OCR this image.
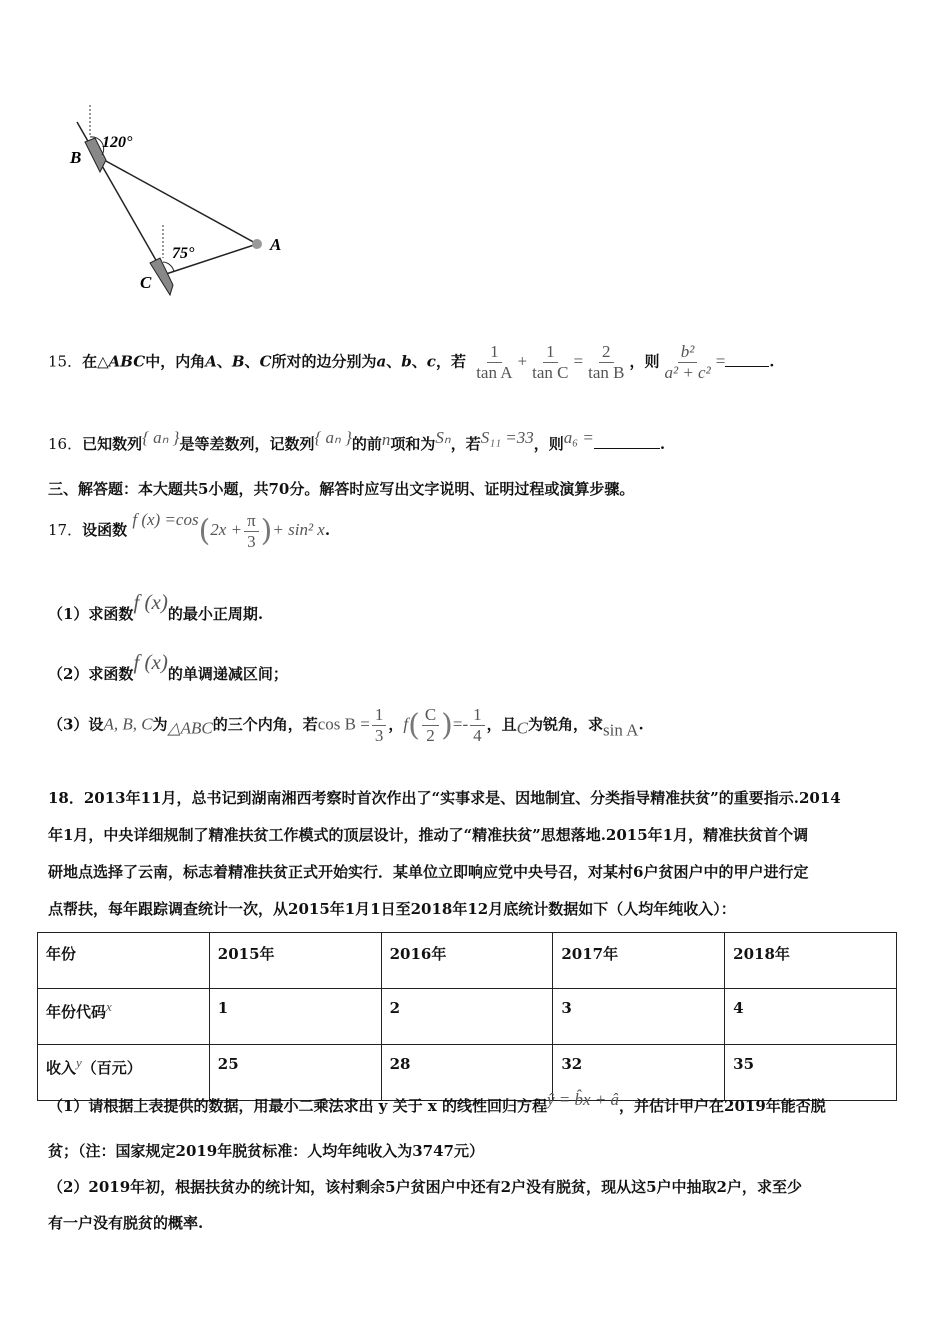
B
120°
C
75°	A
15．在△ABC中，内角A、B、C所对的边分别为a、b、c，若 $\frac{1}{\text{tan A}} + \frac{1}{\text{tan C}} = \frac{2}{\text{tan B}}$ ，则 $\frac{\text{b²}}{\text{a² + c²}}$ =	.
16．已知数列{ aₙ }是等差数列，记数列{ aₙ }的前n项和为Sₙ，若S₁₁ =33，则a₆ =	.
三、解答题：本大题共5小题，共70分。解答时应写出文字说明、证明过程或演算步骤。
17．设函数 f $(x) =\cos(2x + \frac{\pi}{3}$ )+ sin² x.
（1）求函数f (x)的最小正周期.
（2）求函数f (x)的单调递减区间；
（3）设A, B, C为△ABC的三个内角，若$\cos B = \frac{1}{3}$ ，$f( \frac{C}{2}$ )=- $\frac{1}{4}$ ，且C为锐角，求sin A.
18．2013年11月，总书记到湖南湘西考察时首次作出了“实事求是、因地制宜、分类指导精准扶贫”的重要指示.2014
年1月，中央详细规制了精准扶贫工作模式的顶层设计，推动了“精准扶贫”思想落地.2015年1月，精准扶贫首个调
研地点选择了云南，标志着精准扶贫正式开始实行．某单位立即响应党中央号召，对某村6户贫困户中的甲户进行定
点帮扶，每年跟踪调查统计一次，从2015年1月1日至2018年12月底统计数据如下（人均年纯收入）：
年份	2015年	2016年	2017年	2018年
年份代码x	1	2	3	4
收入y（百元）	25	28	32	35
（1）请根据上表提供的数据，用最小二乘法求出 y 关于 x 的线性回归方程ŷ = b̂x + â，并估计甲户在2019年能否脱
贫；（注：国家规定2019年脱贫标准：人均年纯收入为3747元）
（2）2019年初，根据扶贫办的统计知，该村剩余5户贫困户中还有2户没有脱贫，现从这5户中抽取2户，求至少
有一户没有脱贫的概率.
